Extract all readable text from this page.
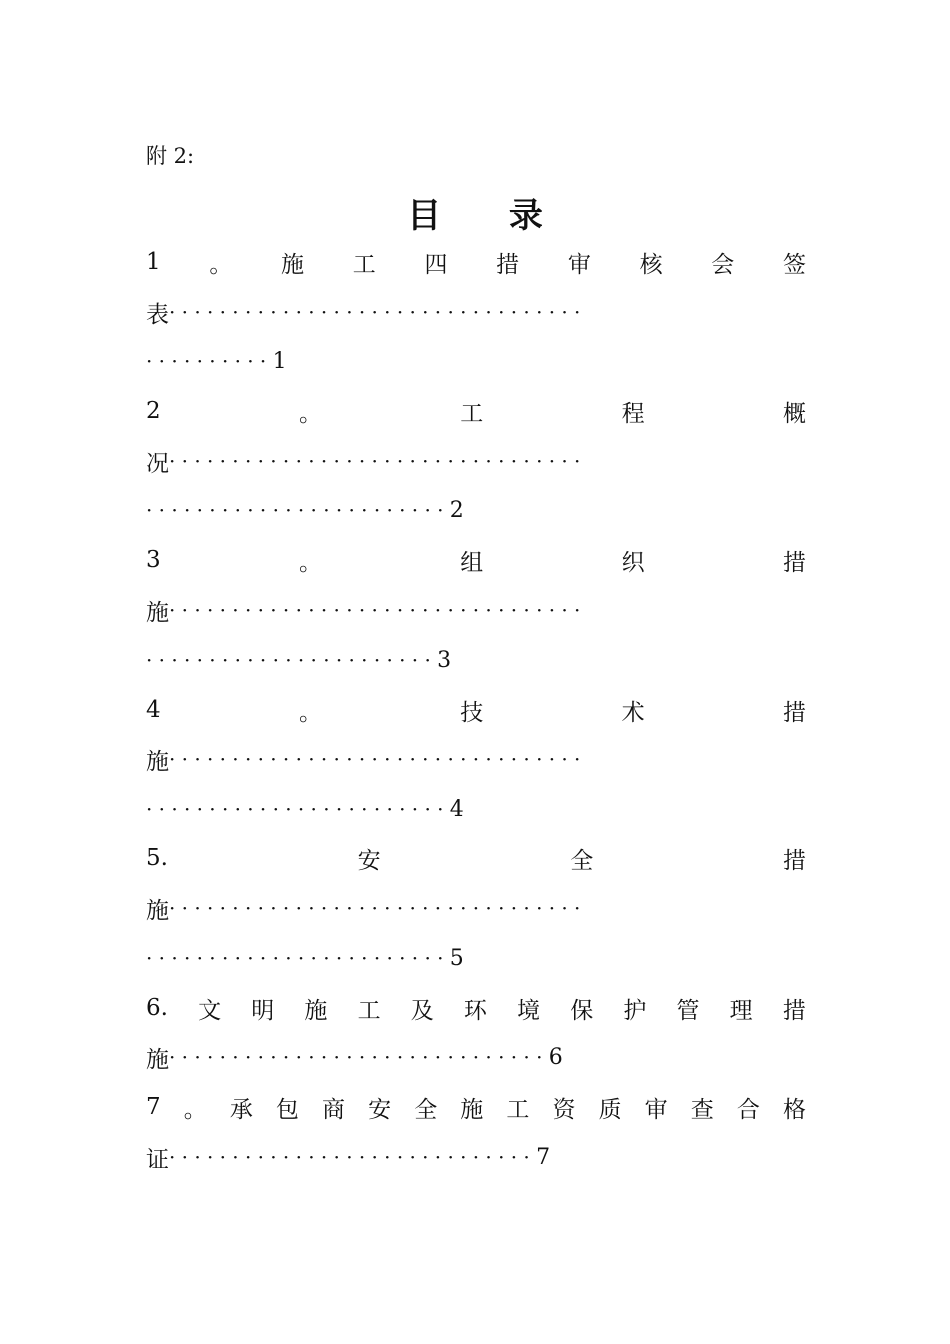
附 2:
目 录
1 。 施 工 四 措 审 核 会 签
表 ·································
·········· 1
2	。	工	程	概
况 ·································
························ 2
3	。	组	织	措
施 ·································
······················· 3
4	。	技	术	措
施 ·································
························ 4
5.	安	全	措
施 ·································
························ 5
6. 文 明 施 工 及 环 境 保 护 管 理 措
施 ······························ 6
7 。 承 包 商 安 全 施 工 资 质 审 查 合 格
证 ····························· 7
